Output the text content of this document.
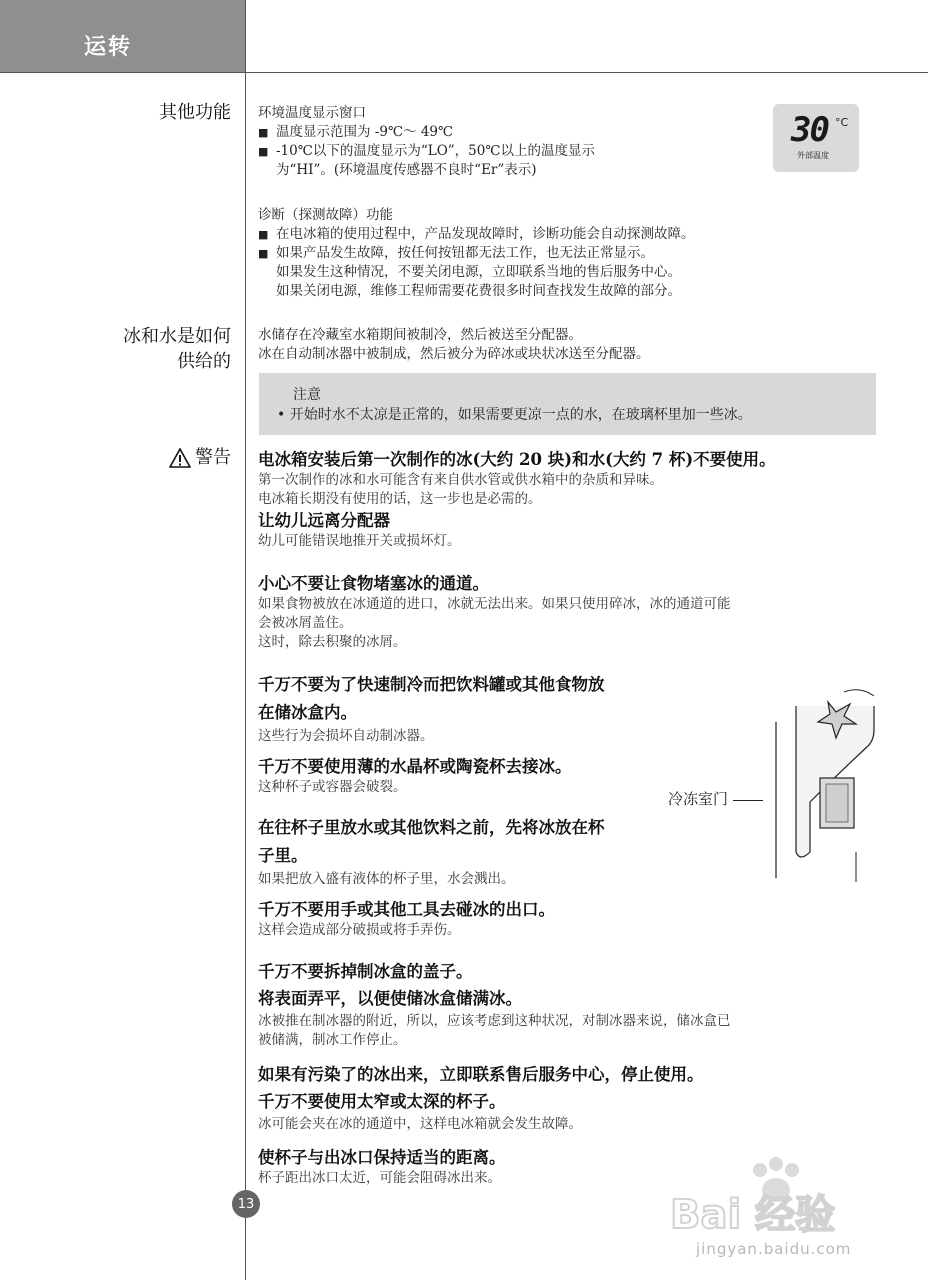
运转
其他功能 环境温度显示窗口

■ 温度显示范围为 -9℃～ 49℃

■ -10℃以下的温度显示为“LO”，50℃以上的温度显示

为“HI”。(环境温度传感器不良时“Er”表示)

30 °C
外部温度

诊断（探测故障）功能

■ 在电冰箱的使用过程中，产品发现故障时，诊断功能会自动探测故障。

■ 如果产品发生故障，按任何按钮都无法工作，也无法正常显示。

如果发生这种情况，不要关闭电源，立即联系当地的售后服务中心。

如果关闭电源，维修工程师需要花费很多时间查找发生故障的部分。

冰和水是如何
供给的

水储存在冷藏室水箱期间被制冷，然后被送至分配器。

冰在自动制冰器中被制成，然后被分为碎冰或块状冰送至分配器。

注意
• 开始时水不太凉是正常的，如果需要更凉一点的水，在玻璃杯里加一些冰。
警告 电冰箱安装后第一次制作的冰(大约 20 块)和水(大约 7 杯)不要使用。

第一次制作的冰和水可能含有来自供水管或供水箱中的杂质和异味。

电冰箱长期没有使用的话，这一步也是必需的。

让幼儿远离分配器

幼儿可能错误地推开关或损坏灯。

小心不要让食物堵塞冰的通道。

如果食物被放在冰通道的进口，冰就无法出来。如果只使用碎冰，冰的通道可能

会被冰屑盖住。

这时，除去积聚的冰屑。

千万不要为了快速制冷而把饮料罐或其他食物放

在储冰盒内。

这些行为会损坏自动制冰器。

千万不要使用薄的水晶杯或陶瓷杯去接冰。

这种杯子或容器会破裂。

在往杯子里放水或其他饮料之前，先将冰放在杯

子里。

如果把放入盛有液体的杯子里，水会溅出。

冷冻室门

千万不要用手或其他工具去碰冰的出口。

这样会造成部分破损或将手弄伤。

千万不要拆掉制冰盒的盖子。

将表面弄平，以便使储冰盒储满冰。

冰被推在制冰器的附近，所以，应该考虑到这种状况，对制冰器来说，储冰盒已

被储满，制冰工作停止。

如果有污染了的冰出来，立即联系售后服务中心，停止使用。

千万不要使用太窄或太深的杯子。

冰可能会夹在冰的通道中，这样电冰箱就会发生故障。

使杯子与出冰口保持适当的距离。

杯子距出冰口太近，可能会阻碍冰出来。

13	Bai 经验
jingyan.baidu.com
